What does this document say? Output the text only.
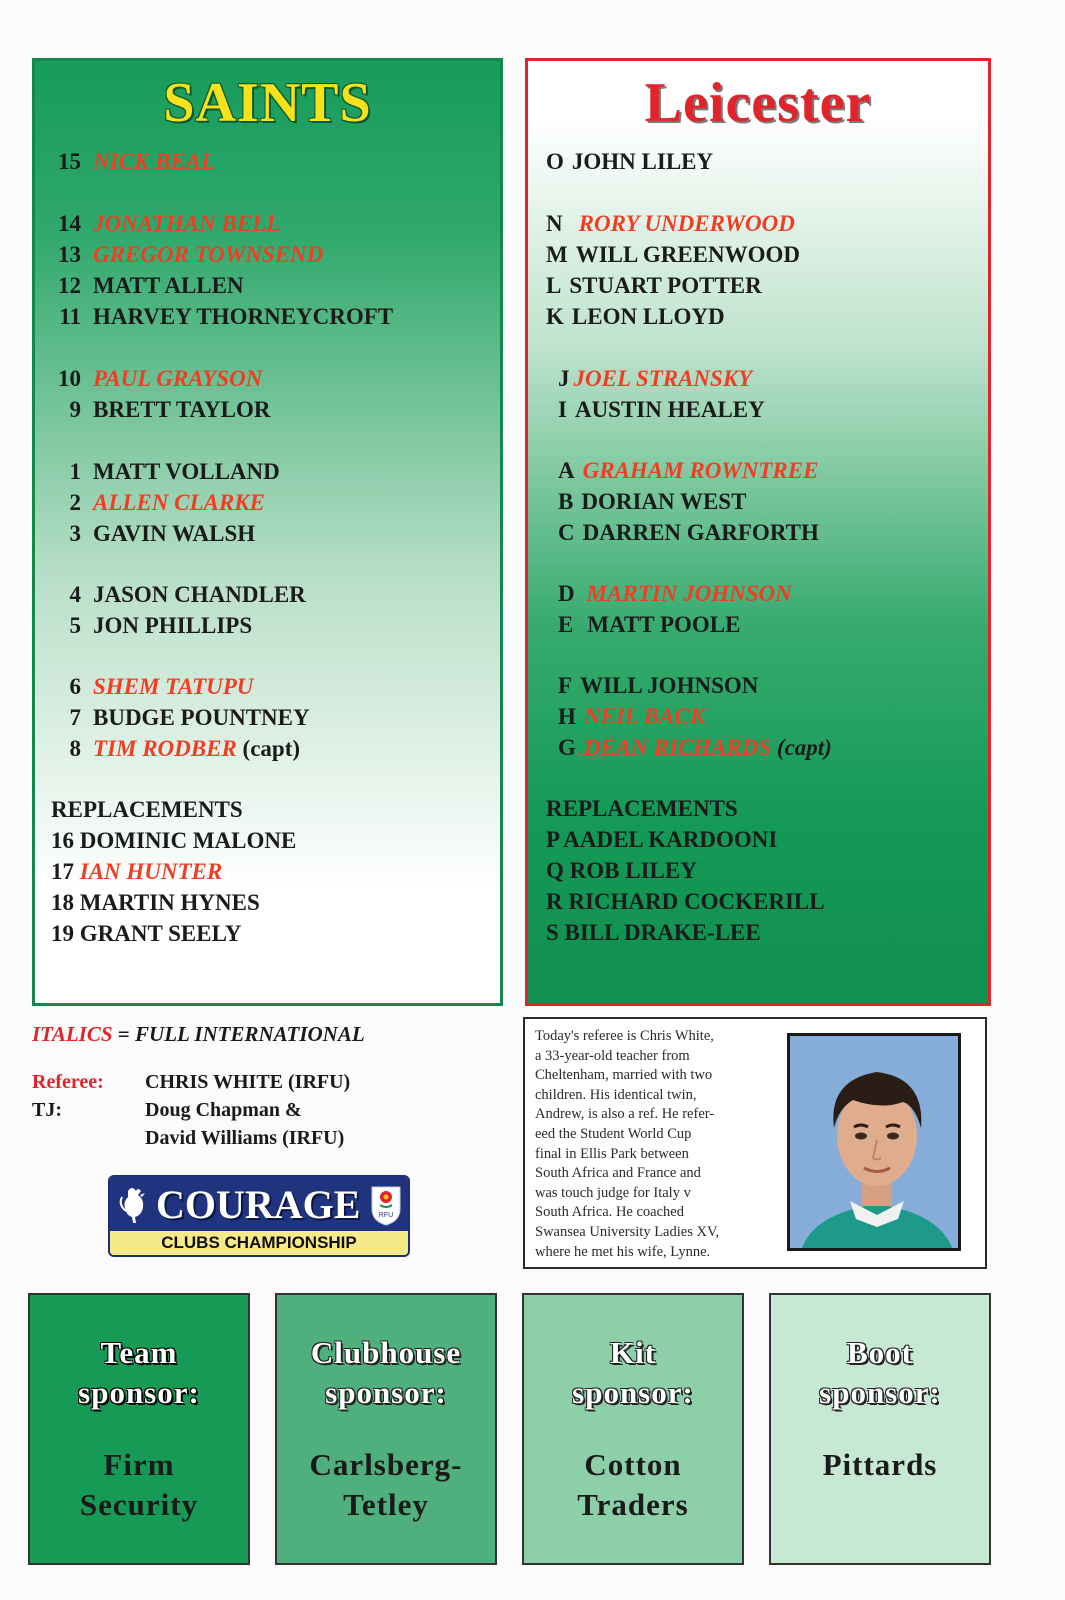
SAINTS
15 NICK BEAL
14 JONATHAN BELL
13 GREGOR TOWNSEND
12 MATT ALLEN
11 HARVEY THORNEYCROFT
10 PAUL GRAYSON
9 BRETT TAYLOR
1 MATT VOLLAND
2 ALLEN CLARKE
3 GAVIN WALSH
4 JASON CHANDLER
5 JON PHILLIPS
6 SHEM TATUPU
7 BUDGE POUNTNEY
8 TIM RODBER (capt)
REPLACEMENTS
16 DOMINIC MALONE
17 IAN HUNTER
18 MARTIN HYNES
19 GRANT SEELY
Leicester
O JOHN LILEY
N RORY UNDERWOOD
M WILL GREENWOOD
L STUART POTTER
K LEON LLOYD
J JOEL STRANSKY
I AUSTIN HEALEY
A GRAHAM ROWNTREE
B DORIAN WEST
C DARREN GARFORTH
D MARTIN JOHNSON
E MATT POOLE
F WILL JOHNSON
H NEIL BACK
G DEAN RICHARDS (capt)
REPLACEMENTS
P AADEL KARDOONI
Q ROB LILEY
R RICHARD COCKERILL
S BILL DRAKE-LEE
ITALICS = FULL INTERNATIONAL
Referee: CHRIS WHITE (IRFU)
TJ:	Doug Chapman &
David Williams (IRFU)
COURAGE	RFU
CLUBS CHAMPIONSHIP
Today's referee is Chris White,
a 33-year-old teacher from
Cheltenham, married with two
children. His identical twin,
Andrew, is also a ref. He refer-
eed the Student World Cup
final in Ellis Park between
South Africa and France and
was touch judge for Italy v
South Africa. He coached
Swansea University Ladies XV,
where he met his wife, Lynne.
Team
sponsor:
Firm
Security
Clubhouse
sponsor:
Carlsberg-
Tetley
Kit
sponsor:
Cotton
Traders
Boot
sponsor:
Pittards
